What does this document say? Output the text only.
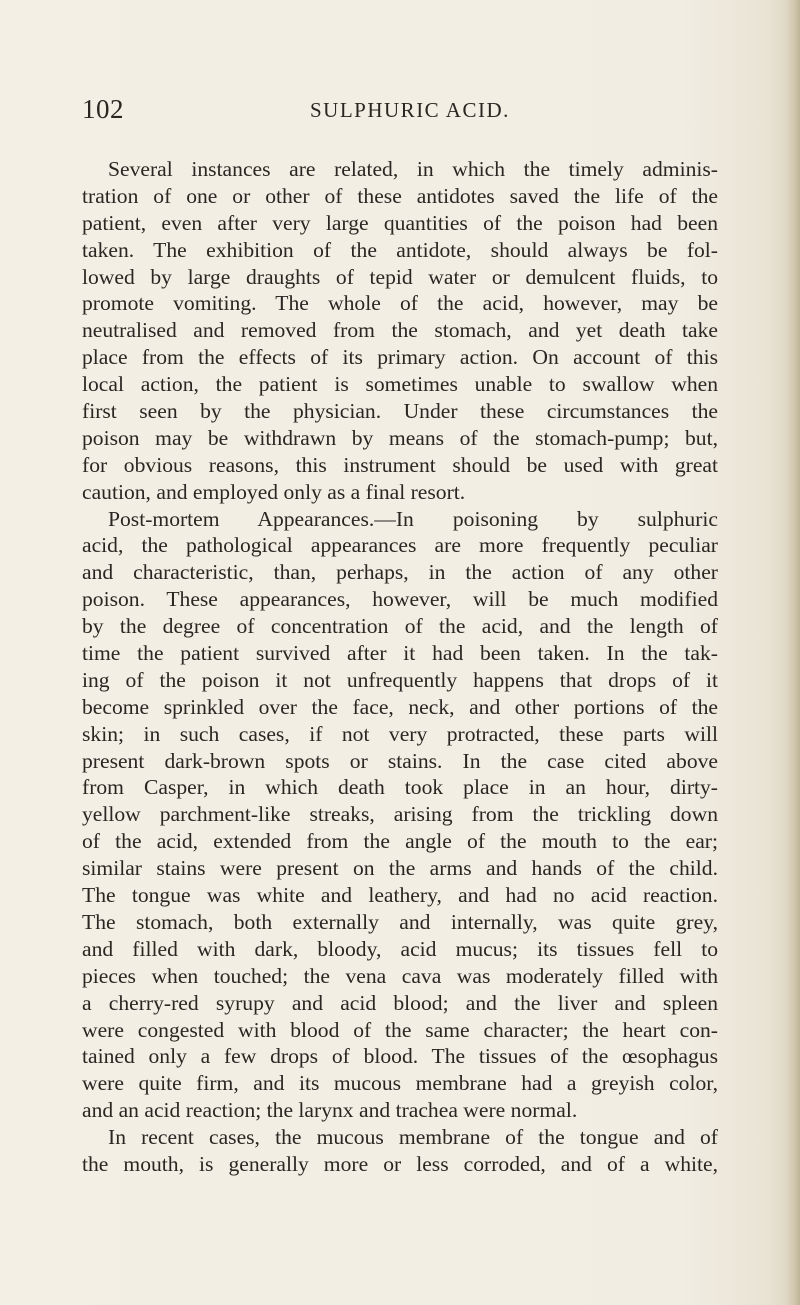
102	SULPHURIC ACID.
Several instances are related, in which the timely adminis-
tration of one or other of these antidotes saved the life of the
patient, even after very large quantities of the poison had been
taken. The exhibition of the antidote, should always be fol-
lowed by large draughts of tepid water or demulcent fluids, to
promote vomiting. The whole of the acid, however, may be
neutralised and removed from the stomach, and yet death take
place from the effects of its primary action. On account of this
local action, the patient is sometimes unable to swallow when
first seen by the physician. Under these circumstances the
poison may be withdrawn by means of the stomach-pump; but,
for obvious reasons, this instrument should be used with great
caution, and employed only as a final resort.
Post-mortem Appearances.—In poisoning by sulphuric
acid, the pathological appearances are more frequently peculiar
and characteristic, than, perhaps, in the action of any other
poison. These appearances, however, will be much modified
by the degree of concentration of the acid, and the length of
time the patient survived after it had been taken. In the tak-
ing of the poison it not unfrequently happens that drops of it
become sprinkled over the face, neck, and other portions of the
skin; in such cases, if not very protracted, these parts will
present dark-brown spots or stains. In the case cited above
from Casper, in which death took place in an hour, dirty-
yellow parchment-like streaks, arising from the trickling down
of the acid, extended from the angle of the mouth to the ear;
similar stains were present on the arms and hands of the child.
The tongue was white and leathery, and had no acid reaction.
The stomach, both externally and internally, was quite grey,
and filled with dark, bloody, acid mucus; its tissues fell to
pieces when touched; the vena cava was moderately filled with
a cherry-red syrupy and acid blood; and the liver and spleen
were congested with blood of the same character; the heart con-
tained only a few drops of blood. The tissues of the œsophagus
were quite firm, and its mucous membrane had a greyish color,
and an acid reaction; the larynx and trachea were normal.
In recent cases, the mucous membrane of the tongue and of
the mouth, is generally more or less corroded, and of a white,
